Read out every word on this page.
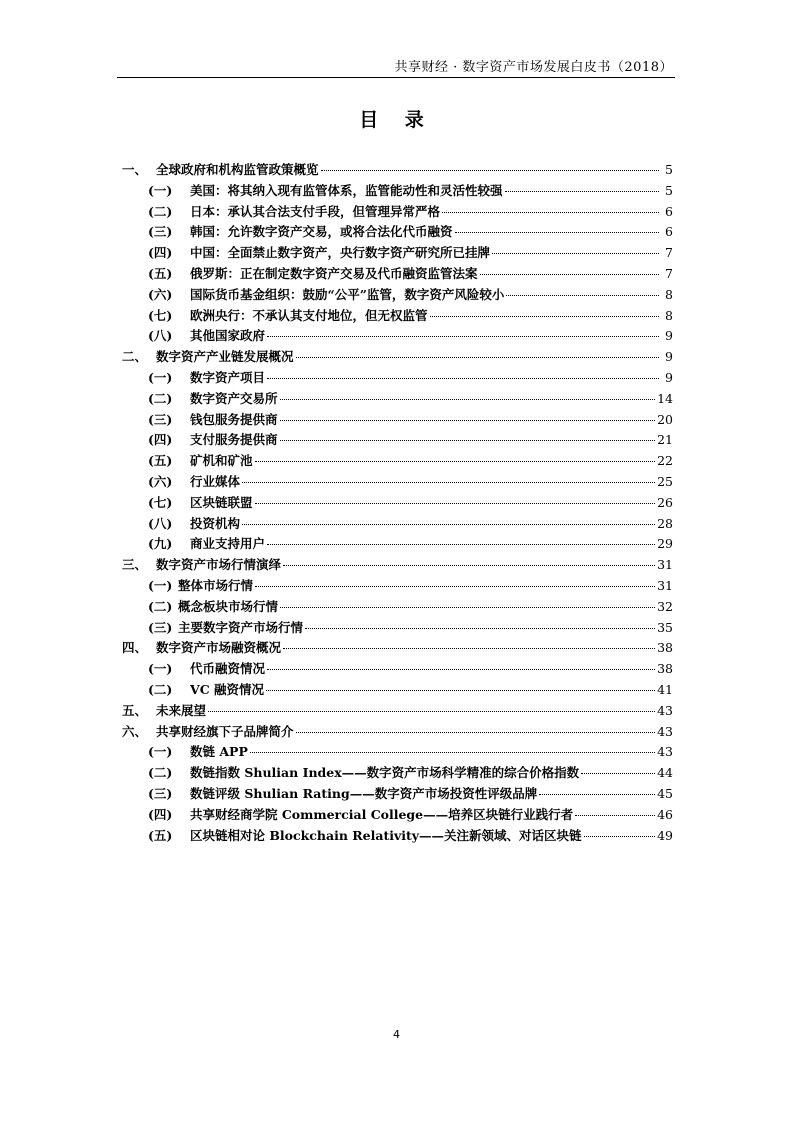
共享财经 · 数字资产市场发展白皮书（2018）
目 录
一、 全球政府和机构监管政策概览	5
(一)	美国：将其纳入现有监管体系，监管能动性和灵活性较强	5
(二)	日本：承认其合法支付手段，但管理异常严格	6
(三)	韩国：允许数字资产交易，或将合法化代币融资	6
(四)	中国：全面禁止数字资产，央行数字资产研究所已挂牌	7
(五)	俄罗斯：正在制定数字资产交易及代币融资监管法案	7
(六)	国际货币基金组织：鼓励“公平”监管，数字资产风险较小	8
(七)	欧洲央行：不承认其支付地位，但无权监管	8
(八)	其他国家政府	9
二、 数字资产产业链发展概况	9
(一)	数字资产项目	9
(二)	数字资产交易所	14
(三)	钱包服务提供商	20
(四)	支付服务提供商	21
(五)	矿机和矿池	22
(六)	行业媒体	25
(七)	区块链联盟	26
(八)	投资机构	28
(九)	商业支持用户	29
三、 数字资产市场行情演绎	31
(一) 整体市场行情	31
(二) 概念板块市场行情	32
(三) 主要数字资产市场行情	35
四、 数字资产市场融资概况	38
(一)	代币融资情况	38
(二)	VC 融资情况	41
五、 未来展望	43
六、 共享财经旗下子品牌简介	43
(一)	数链 APP	43
(二)	数链指数 Shulian Index——数字资产市场科学精准的综合价格指数	44
(三)	数链评级 Shulian Rating——数字资产市场投资性评级品牌	45
(四)	共享财经商学院 Commercial College——培养区块链行业践行者	46
(五)	区块链相对论 Blockchain Relativity——关注新领域、对话区块链	49
4
